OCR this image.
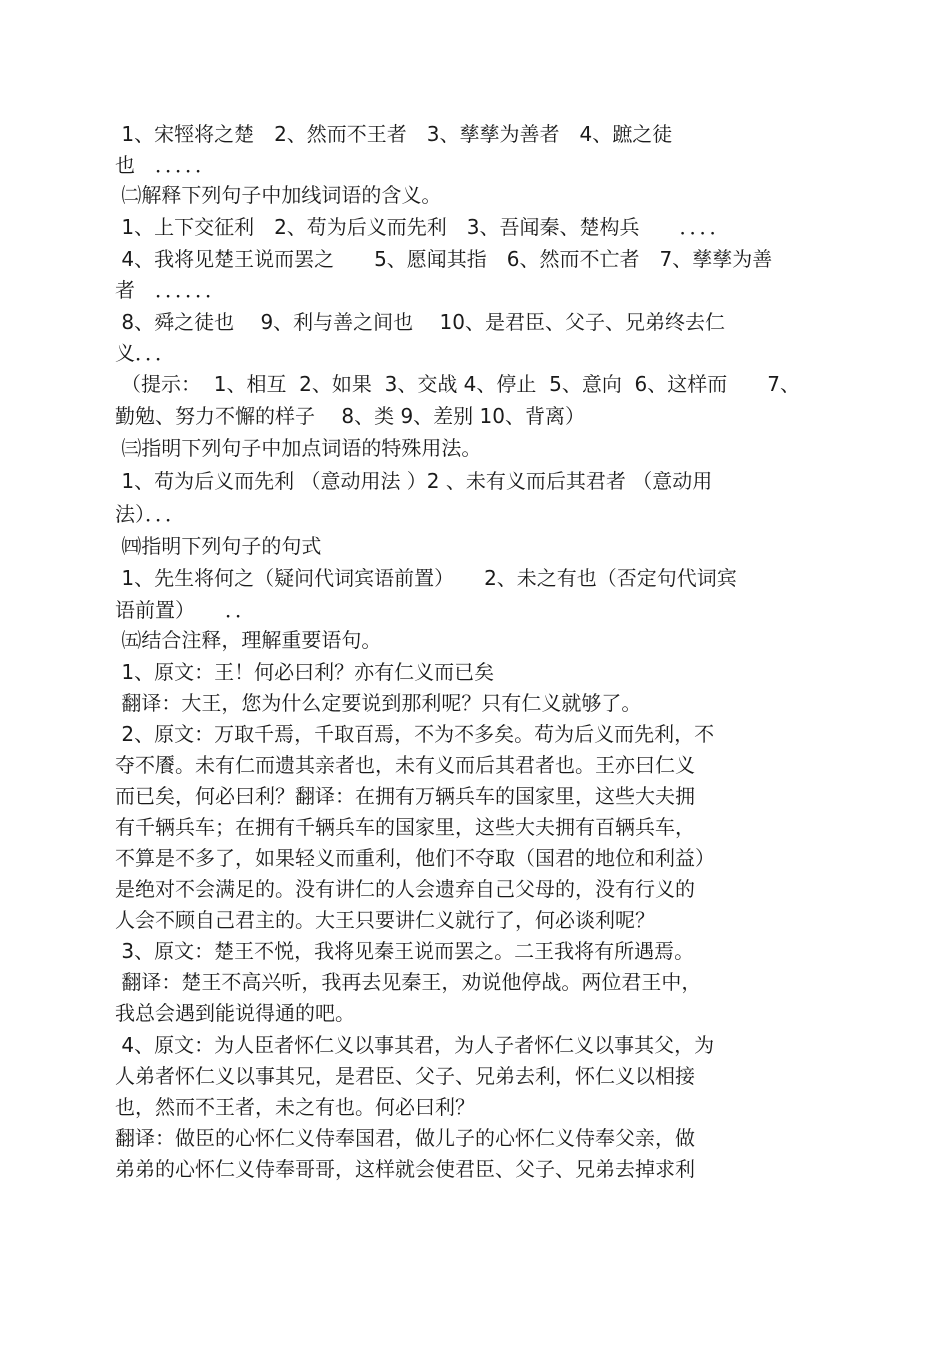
1、宋牼将之楚　2、然而不王者　3、孳孳为善者　4、蹠之徒
也　．．．．．
㈡解释下列句子中加线词语的含义。
1、上下交征利　2、苟为后义而先利　3、吾闻秦、楚构兵　　．．．．
4、我将见楚王说而罢之　　5、愿闻其指　6、然而不亡者　7、孳孳为善
者　．．．．．．
8、舜之徒也　 9、利与善之间也　 10、是君臣、父子、兄弟终去仁
义．．．
（提示：  1、相互  2、如果  3、交战 4、停止  5、意向  6、这样而　　7、
勤勉、努力不懈的样子　 8、类 9、差别 10、背离）
㈢指明下列句子中加点词语的特殊用法。
1、苟为后义而先利 （意动用法 ）2 、未有义而后其君者 （意动用
法）．．．
㈣指明下列句子的句式
1、先生将何之（疑问代词宾语前置）　　2、未之有也（否定句代词宾
语前置）　　．．
㈤结合注释，理解重要语句。
1、原文：王！何必曰利？亦有仁义而已矣
翻译：大王，您为什么定要说到那利呢？只有仁义就够了。
2、原文：万取千焉，千取百焉，不为不多矣。苟为后义而先利，不
夺不餍。未有仁而遗其亲者也，未有义而后其君者也。王亦曰仁义
而已矣，何必曰利？翻译：在拥有万辆兵车的国家里，这些大夫拥
有千辆兵车；在拥有千辆兵车的国家里，这些大夫拥有百辆兵车，
不算是不多了，如果轻义而重利，他们不夺取（国君的地位和利益）
是绝对不会满足的。没有讲仁的人会遗弃自己父母的，没有行义的
人会不顾自己君主的。大王只要讲仁义就行了，何必谈利呢？
3、原文：楚王不悦，我将见秦王说而罢之。二王我将有所遇焉。
翻译：楚王不高兴听，我再去见秦王，劝说他停战。两位君王中，
我总会遇到能说得通的吧。
4、原文：为人臣者怀仁义以事其君，为人子者怀仁义以事其父，为
人弟者怀仁义以事其兄，是君臣、父子、兄弟去利，怀仁义以相接
也，然而不王者，未之有也。何必曰利？
翻译：做臣的心怀仁义侍奉国君，做儿子的心怀仁义侍奉父亲，做
弟弟的心怀仁义侍奉哥哥，这样就会使君臣、父子、兄弟去掉求利
